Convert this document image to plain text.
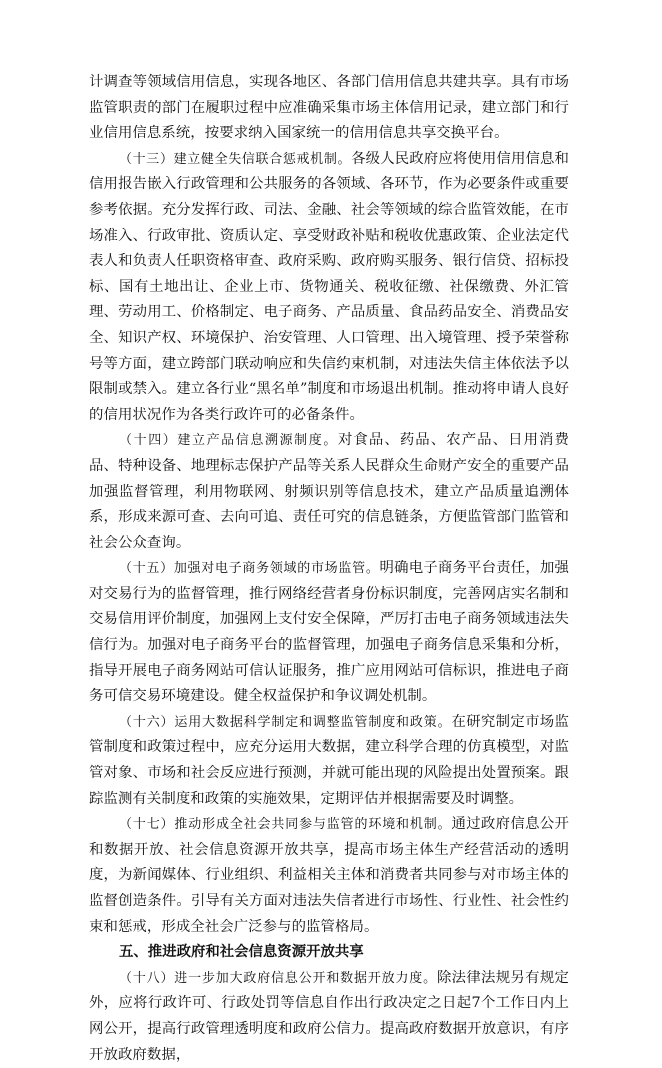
计调查等领域信用信息，实现各地区、各部门信用信息共建共享。具有市场监管职责的部门在履职过程中应准确采集市场主体信用记录，建立部门和行业信用信息系统，按要求纳入国家统一的信用信息共享交换平台。

（十三）建立健全失信联合惩戒机制。各级人民政府应将使用信用信息和信用报告嵌入行政管理和公共服务的各领域、各环节，作为必要条件或重要参考依据。充分发挥行政、司法、金融、社会等领域的综合监管效能，在市场准入、行政审批、资质认定、享受财政补贴和税收优惠政策、企业法定代表人和负责人任职资格审查、政府采购、政府购买服务、银行信贷、招标投标、国有土地出让、企业上市、货物通关、税收征缴、社保缴费、外汇管理、劳动用工、价格制定、电子商务、产品质量、食品药品安全、消费品安全、知识产权、环境保护、治安管理、人口管理、出入境管理、授予荣誉称号等方面，建立跨部门联动响应和失信约束机制，对违法失信主体依法予以限制或禁入。建立各行业“黑名单”制度和市场退出机制。推动将申请人良好的信用状况作为各类行政许可的必备条件。

（十四）建立产品信息溯源制度。对食品、药品、农产品、日用消费品、特种设备、地理标志保护产品等关系人民群众生命财产安全的重要产品加强监督管理，利用物联网、射频识别等信息技术，建立产品质量追溯体系，形成来源可查、去向可追、责任可究的信息链条，方便监管部门监管和社会公众查询。

（十五）加强对电子商务领域的市场监管。明确电子商务平台责任，加强对交易行为的监督管理，推行网络经营者身份标识制度，完善网店实名制和交易信用评价制度，加强网上支付安全保障，严厉打击电子商务领域违法失信行为。加强对电子商务平台的监督管理，加强电子商务信息采集和分析，指导开展电子商务网站可信认证服务，推广应用网站可信标识，推进电子商务可信交易环境建设。健全权益保护和争议调处机制。

（十六）运用大数据科学制定和调整监管制度和政策。在研究制定市场监管制度和政策过程中，应充分运用大数据，建立科学合理的仿真模型，对监管对象、市场和社会反应进行预测，并就可能出现的风险提出处置预案。跟踪监测有关制度和政策的实施效果，定期评估并根据需要及时调整。

（十七）推动形成全社会共同参与监管的环境和机制。通过政府信息公开和数据开放、社会信息资源开放共享，提高市场主体生产经营活动的透明度，为新闻媒体、行业组织、利益相关主体和消费者共同参与对市场主体的监督创造条件。引导有关方面对违法失信者进行市场性、行业性、社会性约束和惩戒，形成全社会广泛参与的监管格局。

五、推进政府和社会信息资源开放共享

（十八）进一步加大政府信息公开和数据开放力度。除法律法规另有规定外，应将行政许可、行政处罚等信息自作出行政决定之日起7个工作日内上网公开，提高行政管理透明度和政府公信力。提高政府数据开放意识，有序开放政府数据，
